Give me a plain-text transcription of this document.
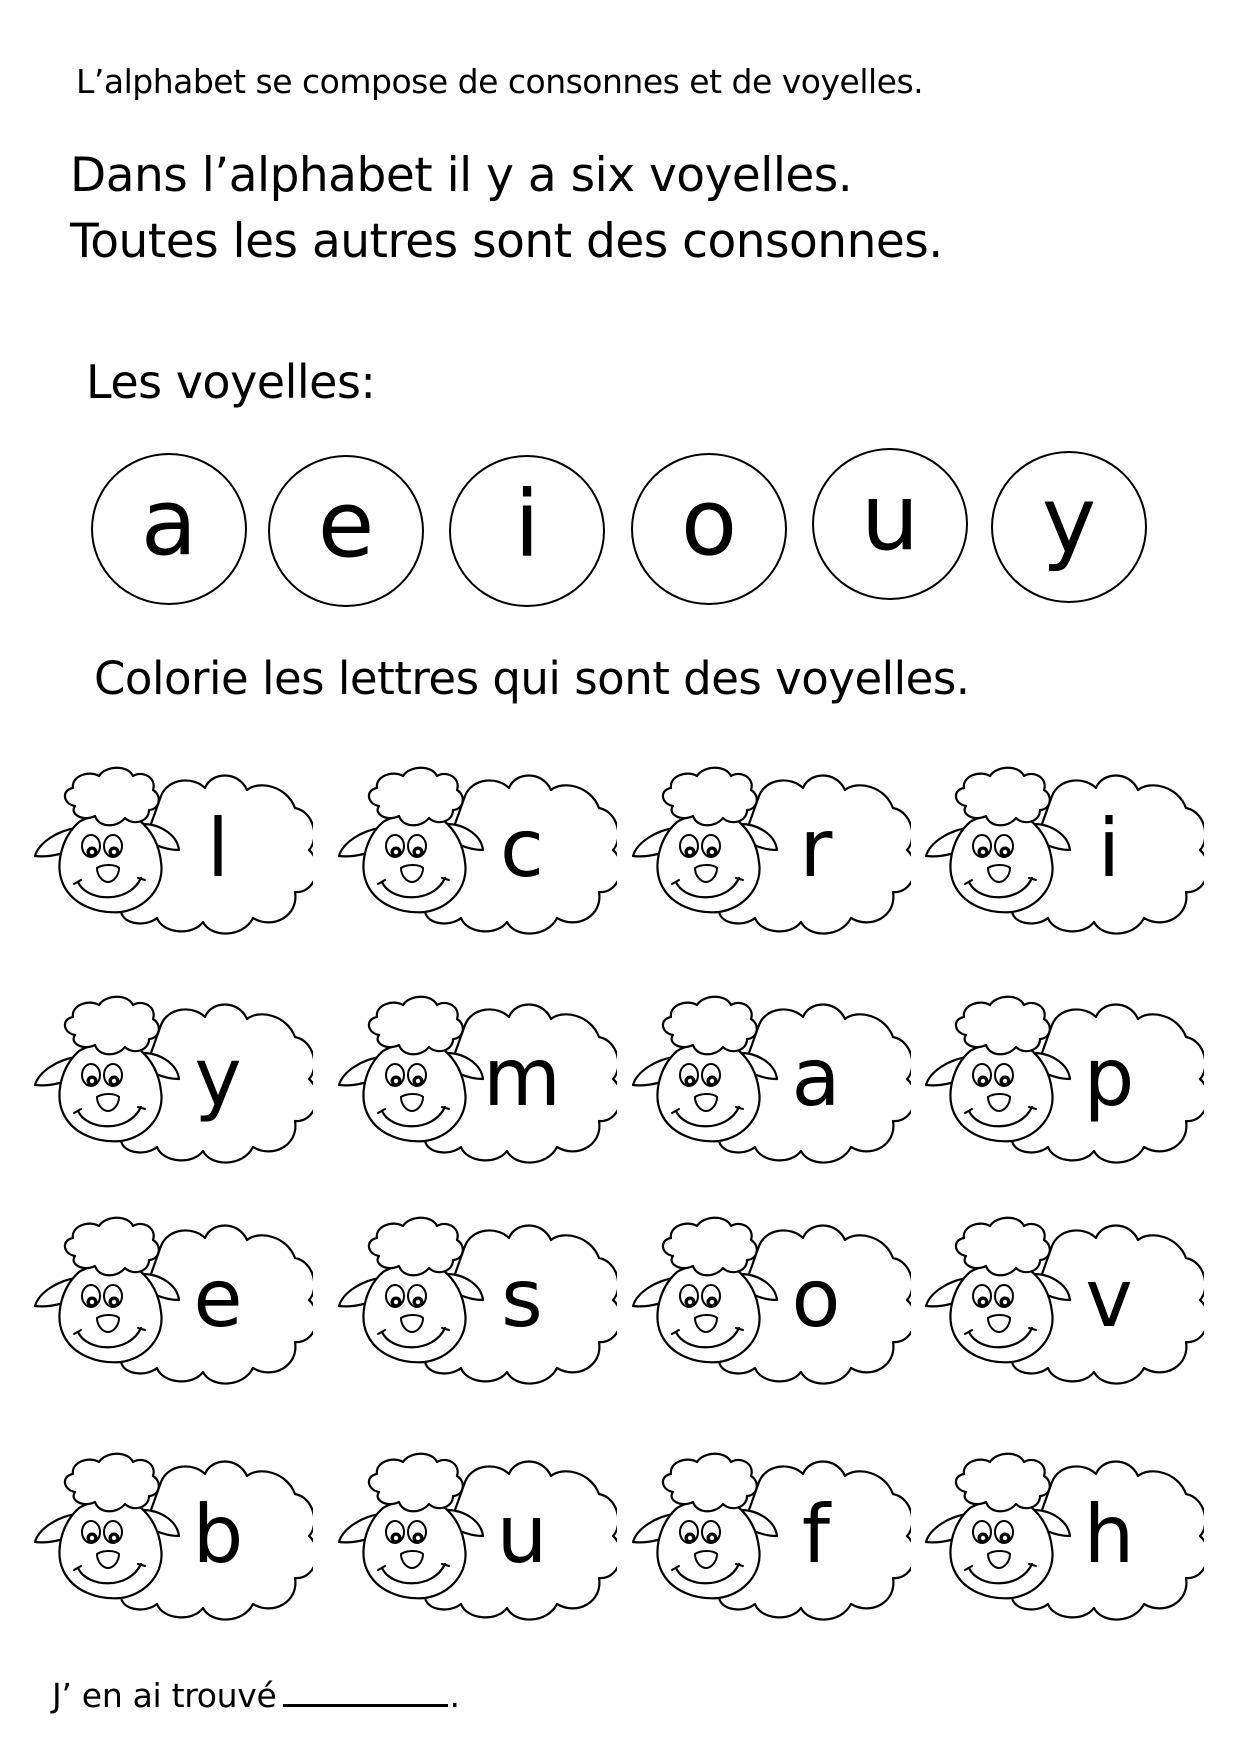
L’alphabet se compose de consonnes et de voyelles.
Dans l’alphabet il y a six voyelles.
Toutes les autres sont des consonnes.
Les voyelles:
a e i o u y
Colorie les lettres qui sont des voyelles.
l	c	r	i
y	m	a	p
e	s	o	v
b	u	f	h
J’ en ai trouvé	.
